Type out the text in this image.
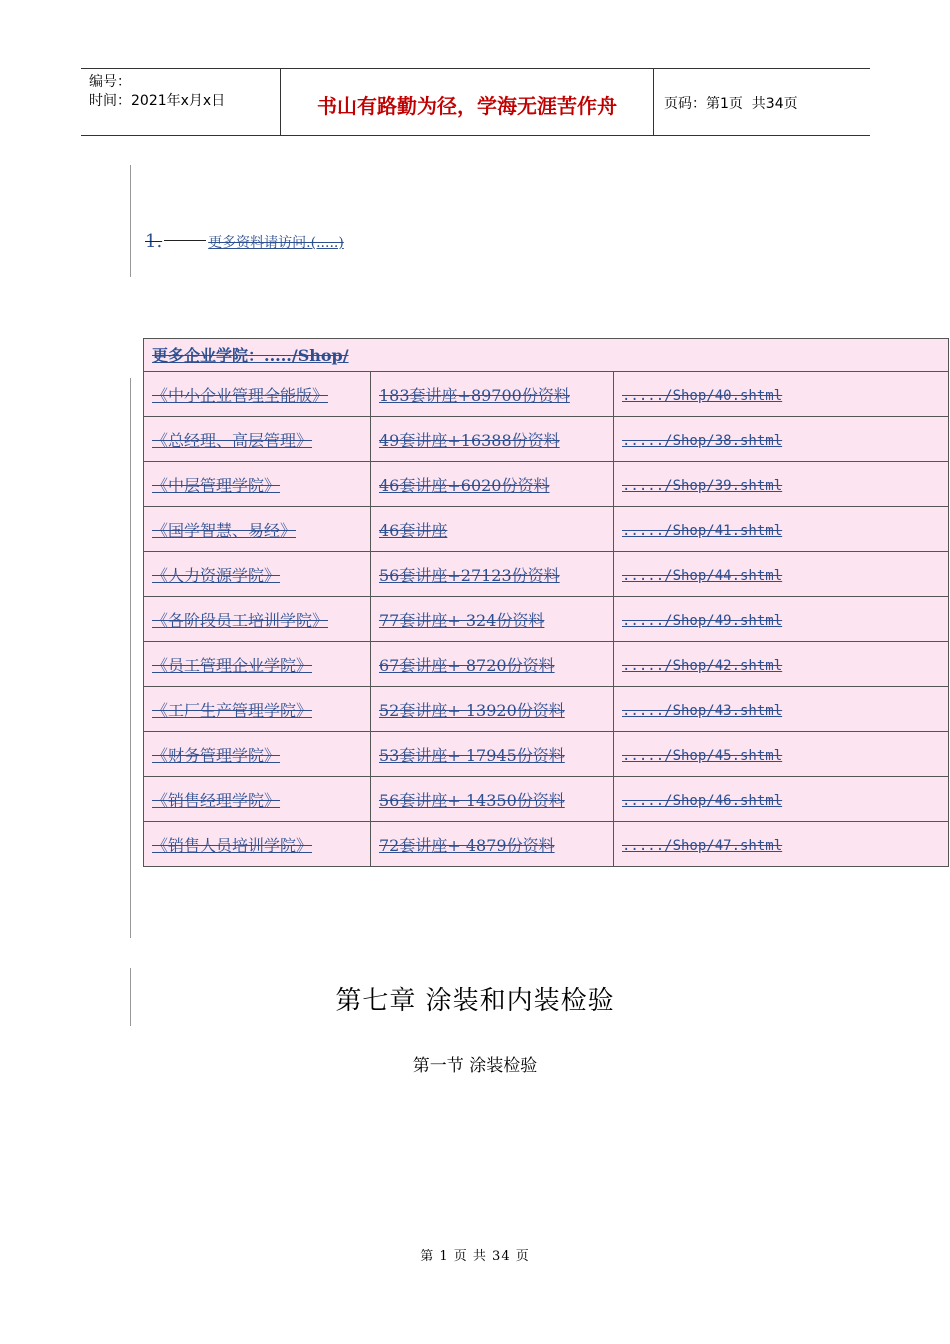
编号：
时间：2021年x月x日	书山有路勤为径，学海无涯苦作舟	页码：第1页  共34页
1.	更多资料请访问.(.....)
更多企业学院：...../Shop/		
《中小企业管理全能版》	183套讲座+89700份资料	...../Shop/40.shtml
《总经理、高层管理》	49套讲座+16388份资料	...../Shop/38.shtml
《中层管理学院》	46套讲座+6020份资料	...../Shop/39.shtml
《国学智慧、易经》	46套讲座	...../Shop/41.shtml
《人力资源学院》	56套讲座+27123份资料	...../Shop/44.shtml
《各阶段员工培训学院》	77套讲座+ 324份资料	...../Shop/49.shtml
《员工管理企业学院》	67套讲座+ 8720份资料	...../Shop/42.shtml
《工厂生产管理学院》	52套讲座+ 13920份资料	...../Shop/43.shtml
《财务管理学院》	53套讲座+ 17945份资料	...../Shop/45.shtml
《销售经理学院》	56套讲座+ 14350份资料	...../Shop/46.shtml
《销售人员培训学院》	72套讲座+ 4879份资料	...../Shop/47.shtml
第七章 涂装和内装检验
第一节 涂装检验
第 1 页 共 34 页
